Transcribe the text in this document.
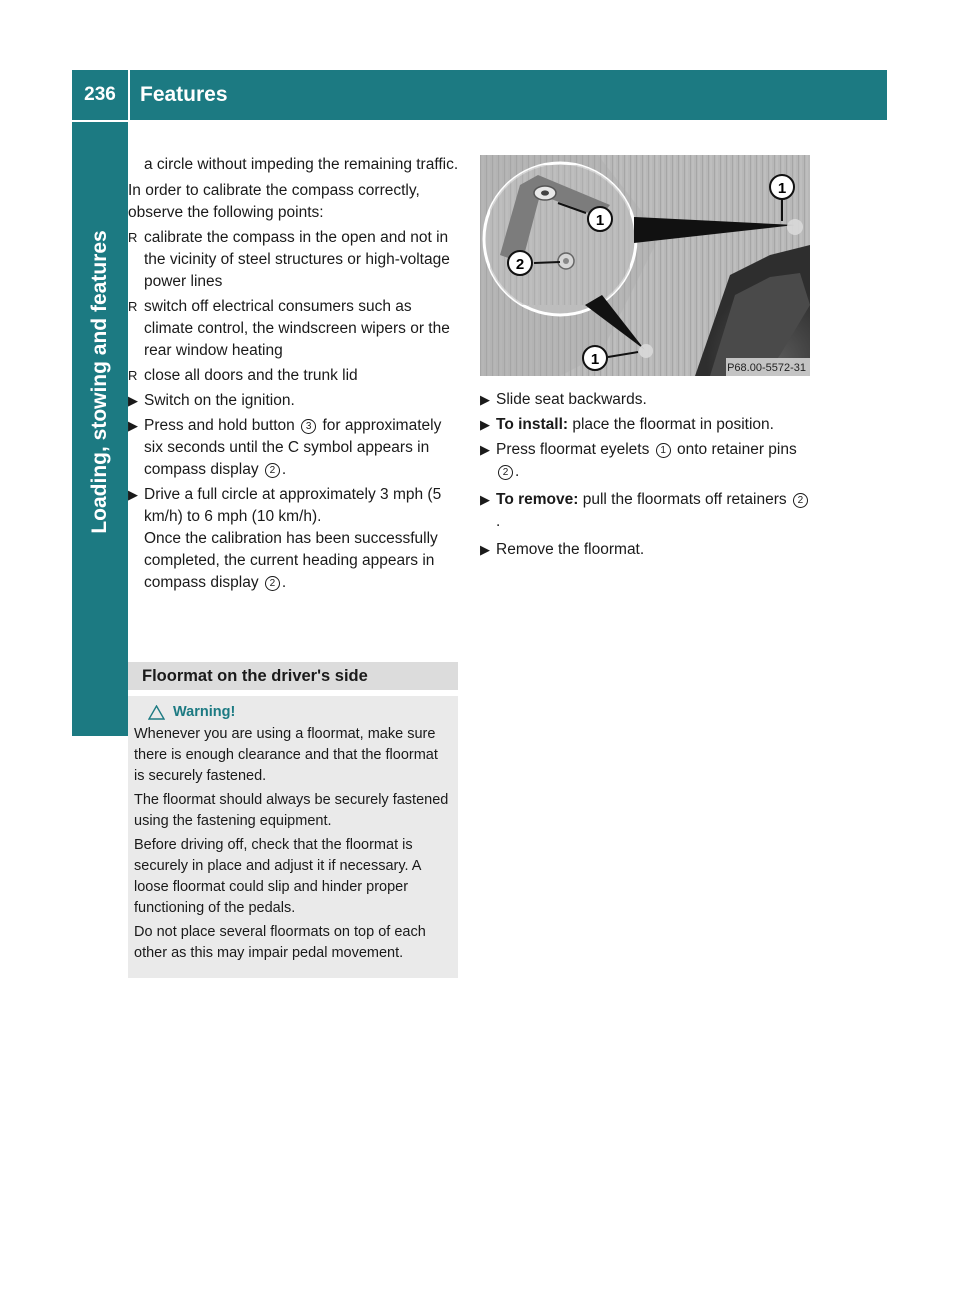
236	Features
Loading, stowing and features

a circle without impeding the remaining traffic.

In order to calibrate the compass correctly, observe the following points:

R calibrate the compass in the open and not in the vicinity of steel structures or high-voltage power lines
R switch off electrical consumers such as climate control, the windscreen wipers or the rear window heating
R close all doors and the trunk lid
▶ Switch on the ignition.
▶ Press and hold button 3 for approximately six seconds until the C symbol appears in compass display 2 .
▶ Drive a full circle at approximately 3 mph (5 km/h) to 6 mph (10 km/h).
Once the calibration has been successfully completed, the current heading appears in compass display 2 .
Floormat on the driver's side
Warning!

Whenever you are using a floormat, make sure there is enough clearance and that the floormat is securely fastened.

The floormat should always be securely fastened using the fastening equipment.

Before driving off, check that the floormat is securely in place and adjust it if necessary. A loose floormat could slip and hinder proper functioning of the pedals.

Do not place several floormats on top of each other as this may impair pedal movement.

1
1
2
1	P68.00-5572-31
▶ Slide seat backwards.
▶ To install: place the floormat in position.
▶ Press floormat eyelets 1 onto retainer pins 2 .
▶ To remove: pull the floormats off retainers 2.
▶ Remove the floormat.
